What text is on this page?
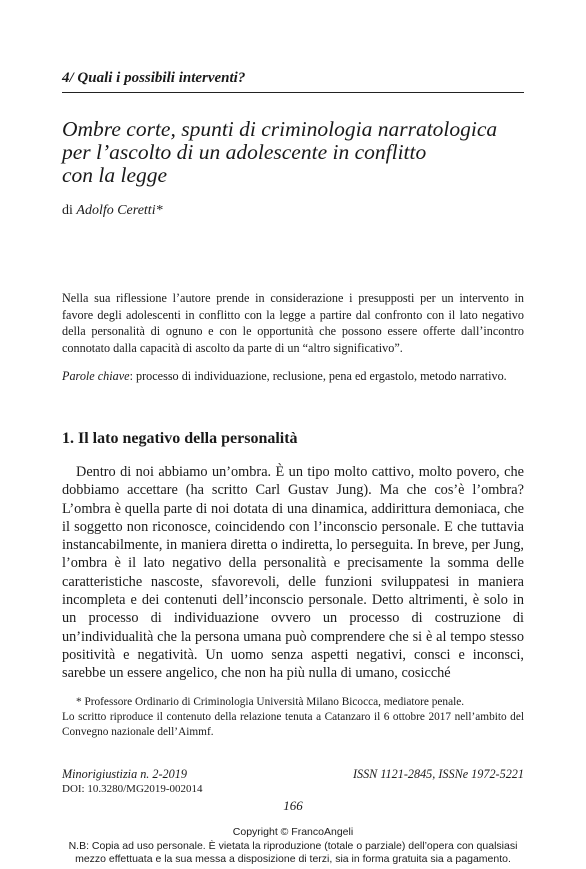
4/ Quali i possibili interventi?
Ombre corte, spunti di criminologia narratologica
per l’ascolto di un adolescente in conflitto
con la legge
di Adolfo Ceretti*
Nella sua riflessione l’autore prende in considerazione i presupposti per un intervento in favore degli adolescenti in conflitto con la legge a partire dal confronto con il lato negativo della personalità di ognuno e con le opportunità che possono essere offerte dall’incontro connotato dalla capacità di ascolto da parte di un “altro significativo”.
Parole chiave: processo di individuazione, reclusione, pena ed ergastolo, metodo narrativo.
1. Il lato negativo della personalità
Dentro di noi abbiamo un’ombra. È un tipo molto cattivo, molto povero, che dobbiamo accettare (ha scritto Carl Gustav Jung). Ma che cos’è l’ombra? L’ombra è quella parte di noi dotata di una dinamica, addirittura demoniaca, che il soggetto non riconosce, coincidendo con l’inconscio personale. E che tuttavia instancabilmente, in maniera diretta o indiretta, lo perseguita. In breve, per Jung, l’ombra è il lato negativo della personalità e precisamente la somma delle caratteristiche nascoste, sfavorevoli, delle funzioni sviluppatesi in maniera incompleta e dei contenuti dell’inconscio personale. Detto altrimenti, è solo in un processo di individuazione ovvero un processo di costruzione di un’individualità che la persona umana può comprendere che si è al tempo stesso positività e negatività. Un uomo senza aspetti negativi, consci e inconsci, sarebbe un essere angelico, che non ha più nulla di umano, cosicché

* Professore Ordinario di Criminologia Università Milano Bicocca, mediatore penale.

Lo scritto riproduce il contenuto della relazione tenuta a Catanzaro il 6 ottobre 2017 nell’ambito del Convegno nazionale dell’Aimmf.

Minorigiustizia n. 2-2019	ISSN 1121-2845, ISSNe 1972-5221
DOI: 10.3280/MG2019-002014
166
Copyright © FrancoAngeli
N.B: Copia ad uso personale. È vietata la riproduzione (totale o parziale) dell’opera con qualsiasi
mezzo effettuata e la sua messa a disposizione di terzi, sia in forma gratuita sia a pagamento.
